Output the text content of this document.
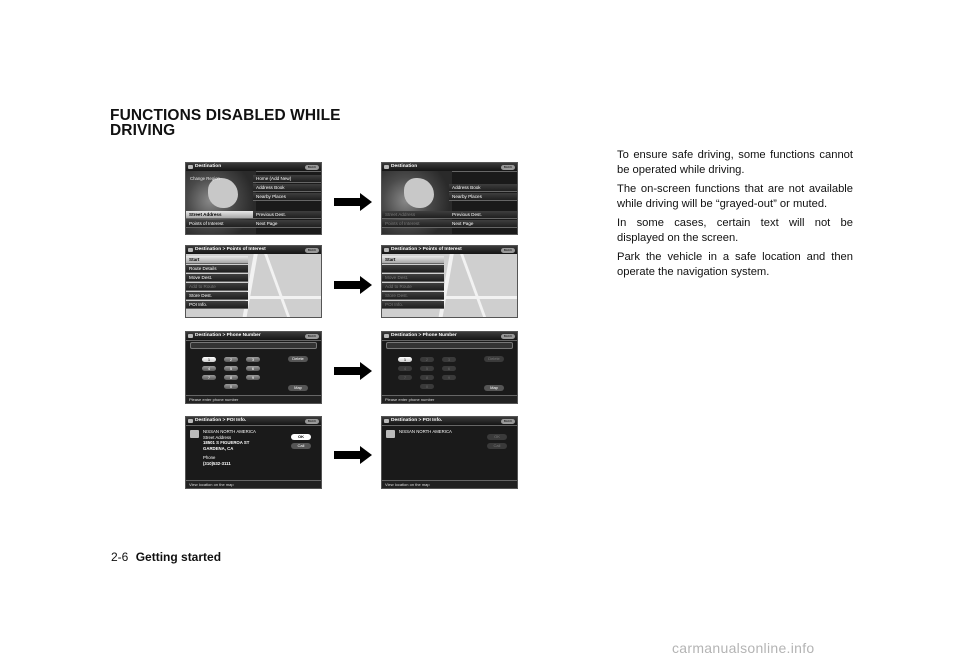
FUNCTIONS DISABLED WHILE
DRIVING
Destination	BACK
Change Region
Street Address
Points of Interest
Home (Add New)
Address Book
Nearby Places
Previous Dest.
Next Page
Destination	BACK
Street Address
Points of Interest
Address Book
Nearby Places
Previous Dest.
Next Page
Destination > Points of Interest	BACK
Start
Route Details
Move Dest.
Add to Route
Store Dest.
POI Info.
Destination > Points of Interest	BACK
Start
Move Dest.
Add to Route
Store Dest.
POI Info.
Destination > Phone Number	BACK
1	2	3
4	5	6
7	8	9
0
Delete
Map
Please enter phone number
Destination > Phone Number	BACK
1	2	3
4	5	6
7	8	9
0
Delete
Map
Please enter phone number
Destination > POI Info.	BACK
NISSAN NORTH AMERICA
Street Address
18501 S FIGUEROA ST
GARDENA, CA
Phone
(310)532-3111
OK
Call
View location on the map
Destination > POI Info.	BACK
NISSAN NORTH AMERICA
OK
Call
View location on the map

To ensure safe driving, some functions cannot be operated while driving.

The on-screen functions that are not available while driving will be “grayed-out” or muted.

In some cases, certain text will not be displayed on the screen.

Park the vehicle in a safe location and then operate the navigation system.

2-6 Getting started
carmanualsonline.info
